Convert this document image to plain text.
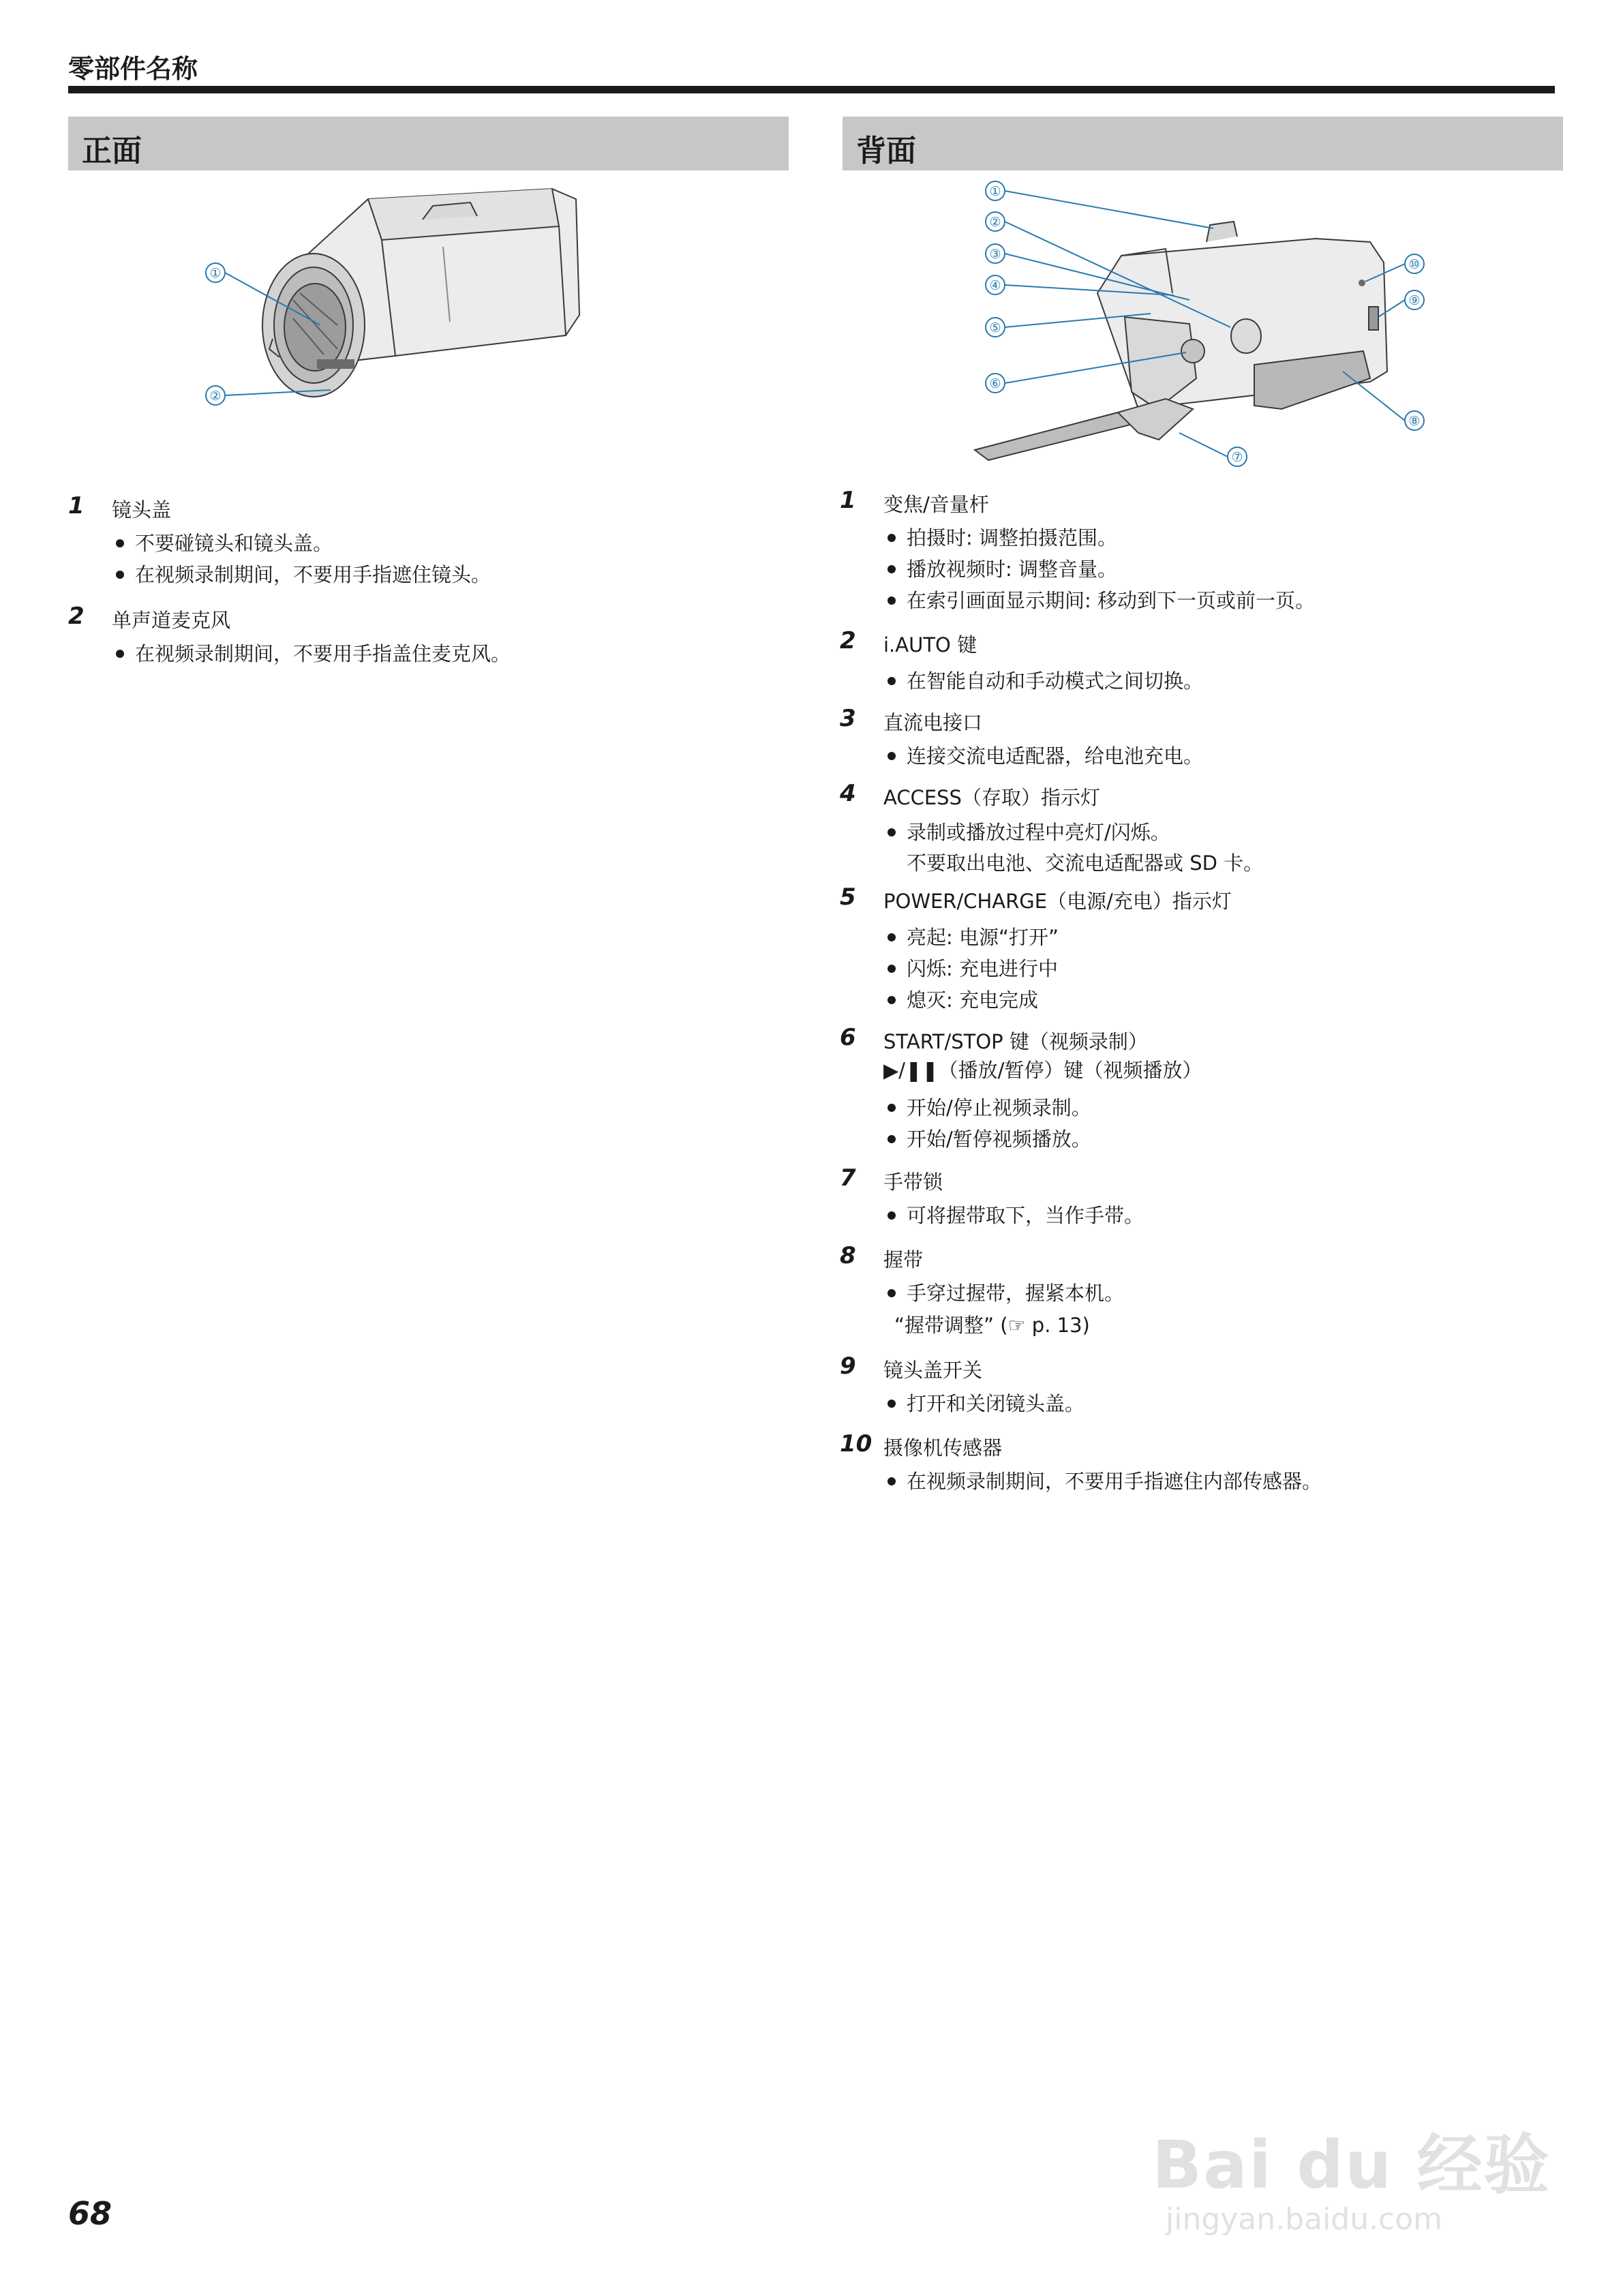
零部件名称
正面
①
②
1 镜头盖
不要碰镜头和镜头盖。
在视频录制期间，不要用手指遮住镜头。
2 单声道麦克风
在视频录制期间，不要用手指盖住麦克风。
背面
①
②
③
④
⑤
⑥
⑦
⑧
⑨
⑩
1 变焦/音量杆
拍摄时: 调整拍摄范围。
播放视频时: 调整音量。
在索引画面显示期间: 移动到下一页或前一页。
2 i.AUTO 键
在智能自动和手动模式之间切换。
3 直流电接口
连接交流电适配器，给电池充电。
4 ACCESS（存取）指示灯
录制或播放过程中亮灯/闪烁。
不要取出电池、交流电适配器或 SD 卡。
5 POWER/CHARGE（电源/充电）指示灯
亮起: 电源“打开”
闪烁: 充电进行中
熄灭: 充电完成
6 START/STOP 键（视频录制）
▶/❚❚（播放/暂停）键（视频播放）
开始/停止视频录制。
开始/暂停视频播放。
7 手带锁
可将握带取下，当作手带。
8 握带
手穿过握带，握紧本机。
“握带调整” (☞ p. 13)
9 镜头盖开关
打开和关闭镜头盖。
10 摄像机传感器
在视频录制期间，不要用手指遮住内部传感器。
68
Bai du 经验
jingyan.baidu.com
